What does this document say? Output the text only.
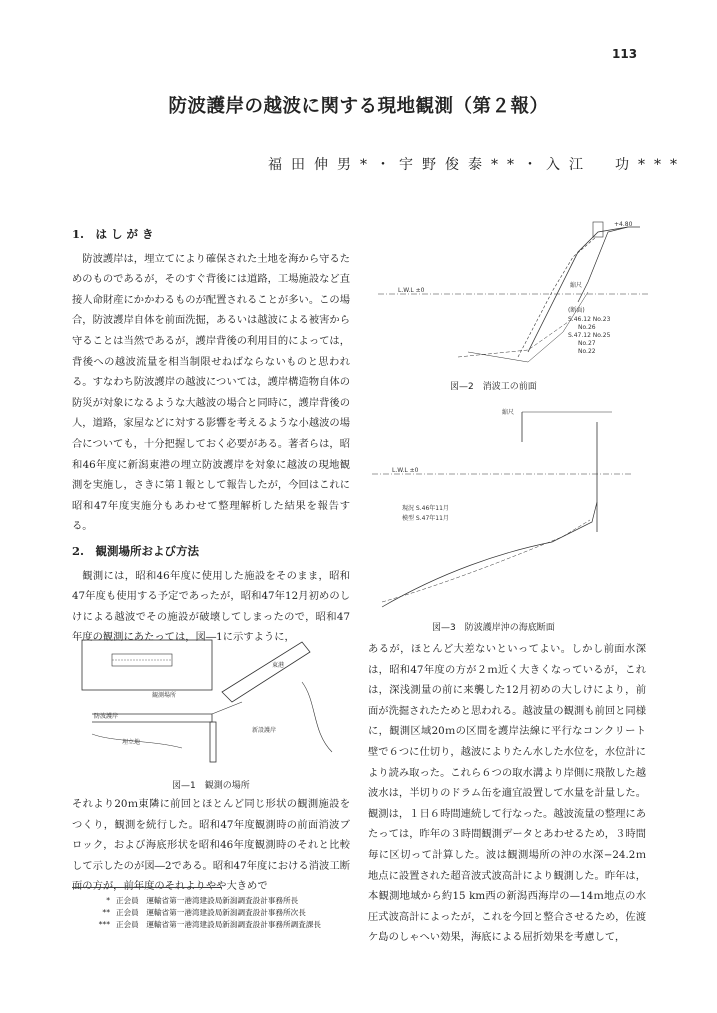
113
防波護岸の越波に関する現地観測（第２報）
福田伸男*・宇野俊泰**・入江　功***

1.　は し が き

防波護岸は，埋立てにより確保された土地を海から守るためのものであるが，そのすぐ背後には道路，工場施設など直接人命財産にかかわるものが配置されることが多い。この場合，防波護岸自体を前面洗掘，あるいは越波による被害から守ることは当然であるが，護岸背後の利用目的によっては，背後への越波流量を相当制限せねばならないものと思われる。すなわち防波護岸の越波については，護岸構造物自体の防災が対象になるような大越波の場合と同時に，護岸背後の人，道路，家屋などに対する影響を考えるような小越波の場合についても，十分把握しておく必要がある。著者らは，昭和46年度に新潟東港の埋立防波護岸を対象に越波の現地観測を実施し，さきに第１報として報告したが，今回はこれに昭和47年度実施分もあわせて整理解析した結果を報告する。

2.　観測場所および方法

観測には，昭和46年度に使用した施設をそのまま，昭和47年度も使用する予定であったが，昭和47年12月初めのしけによる越波でその施設が破壊してしまったので，昭和47年度の観測にあたっては，図―1に示すように，

防波護岸
新設護岸
埋立地
観測場所
東港
図—1　観測の場所

それより20ｍ東隣に前回とほとんど同じ形状の観測施設をつくり，観測を続行した。昭和47年度観測時の前面消波ブロック，および海底形状を昭和46年度観測時のそれと比較して示したのが図―2である。昭和47年度における消波工断面の方が，前年度のそれよりやや大きめで

+4.80
L.W.L ±0
縮尺
(断面)
S.46.12 No.23
No.26
S.47.12 No.25
No.27
No.22
図—2　消波工の前面
縮尺
L.W.L ±0
現況 S.46年11月
模型 S.47年11月
図—3　防波護岸沖の海底断面

あるが，ほとんど大差ないといってよい。しかし前面水深は，昭和47年度の方が２ｍ近く大きくなっているが，これは，深浅測量の前に来襲した12月初めの大しけにより，前面が洗掘されたためと思われる。越波量の観測も前回と同様に，観測区域20ｍの区間を護岸法線に平行なコンクリート壁で６つに仕切り，越波によりたん水した水位を，水位計により読み取った。これら６つの取水溝より岸側に飛散した越波水は，半切りのドラム缶を適宜設置して水量を計量した。観測は，１日６時間連続して行なった。越波流量の整理にあたっては，昨年の３時間観測データとあわせるため，３時間毎に区切って計算した。波は観測場所の沖の水深−24.2ｍ地点に設置された超音波式波高計により観測した。昨年は，本観測地域から約15 km西の新潟西海岸の—14ｍ地点の水圧式波高計によったが，これを今回と整合させるため，佐渡ケ島のしゃへい効果，海底による屈折効果を考慮して，

* 正会員　運輸省第一港湾建設局新潟調査設計事務所長
** 正会員　運輸省第一港湾建設局新潟調査設計事務所次長
*** 正会員　運輸省第一港湾建設局新潟調査設計事務所調査課長
